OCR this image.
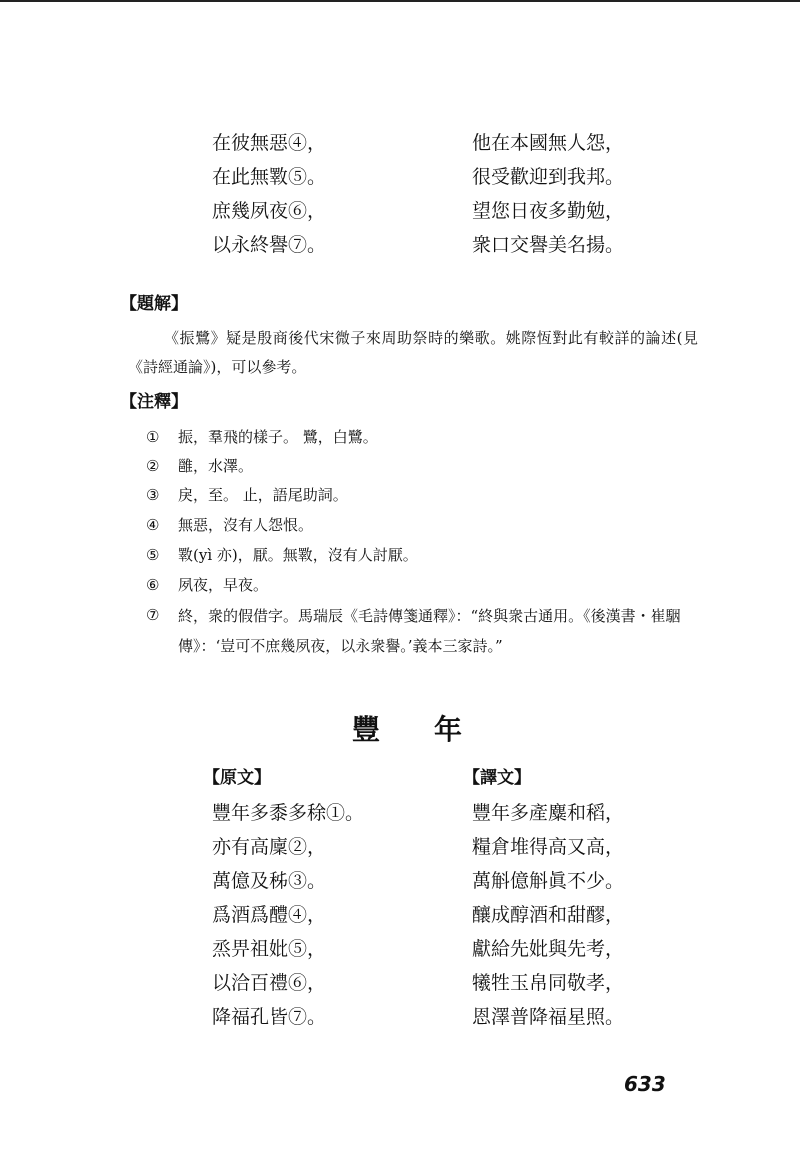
在彼無惡④，	他在本國無人怨，
在此無斁⑤。	很受歡迎到我邦。
庶幾夙夜⑥，	望您日夜多勤勉，
以永終譽⑦。	衆口交譽美名揚。
【題解】
《振鷺》疑是殷商後代宋微子來周助祭時的樂歌。姚際恆對此有較詳的論述(見《詩經通論》)，可以參考。
【注釋】
①	振，羣飛的樣子。 鷺，白鷺。
②	雝，水澤。
③	戾，至。 止，語尾助詞。
④	無惡，沒有人怨恨。
⑤	斁(yì 亦)，厭。無斁，沒有人討厭。
⑥	夙夜，早夜。
⑦	終，衆的假借字。馬瑞辰《毛詩傳箋通釋》：“終與衆古通用。《後漢書・崔駰傳》：‘豈可不庶幾夙夜，以永衆譽。’義本三家詩。”
豐 年
【原文】	【譯文】
豐年多黍多稌①。	豐年多產麋和稻，
亦有高廩②，	糧倉堆得高又高，
萬億及秭③。	萬斛億斛眞不少。
爲酒爲醴④，	釀成醇酒和甜醪，
烝畀祖妣⑤，	獻給先妣與先考，
以洽百禮⑥，	犧牲玉帛同敬孝，
降福孔皆⑦。	恩澤普降福星照。
633
